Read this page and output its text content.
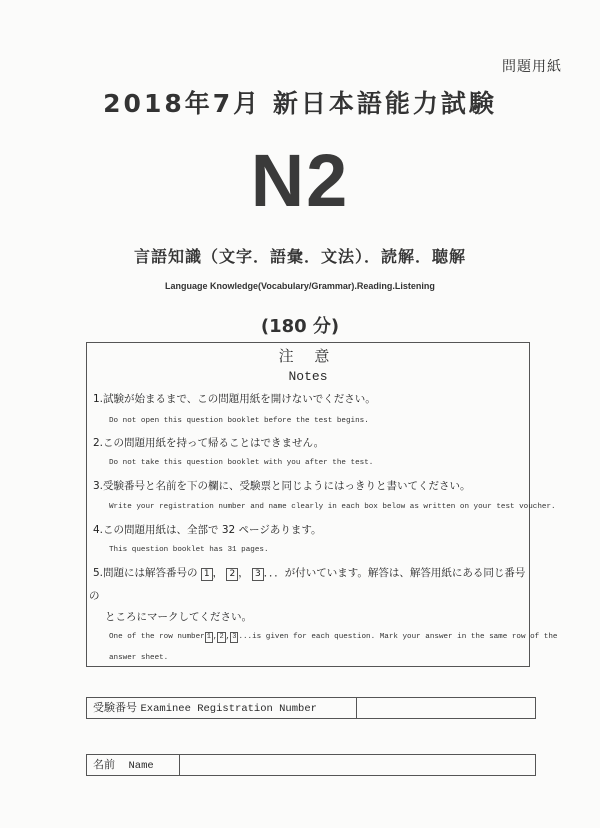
問題用紙
2018年7月 新日本語能力試験
N2
言語知識（文字．語彙．文法）．読解．聴解
Language Knowledge(Vocabulary/Grammar).Reading.Listening
(180 分)
注 意
Notes
1.試験が始まるまで、この問題用紙を開けないでください。
Do not open this question booklet before the test begins.
2.この問題用紙を持って帰ることはできません。
Do not take this question booklet with you after the test.
3.受験番号と名前を下の欄に、受験票と同じようにはっきりと書いてください。
Write your registration number and name clearly in each box below as written on your test voucher.
4.この問題用紙は、全部で 32 ページあります。
This question booklet has 31 pages.
5.問題には解答番号の 1 ， 2 ， 3 ．．．が付いています。解答は、解答用紙にある同じ番号
の
ところにマークしてください。
One of the row number 1 , 2 , 3 ...is given for each question. Mark your answer in the same row of the
answer sheet.
受験番号 Examinee Registration Number
名前 Name
